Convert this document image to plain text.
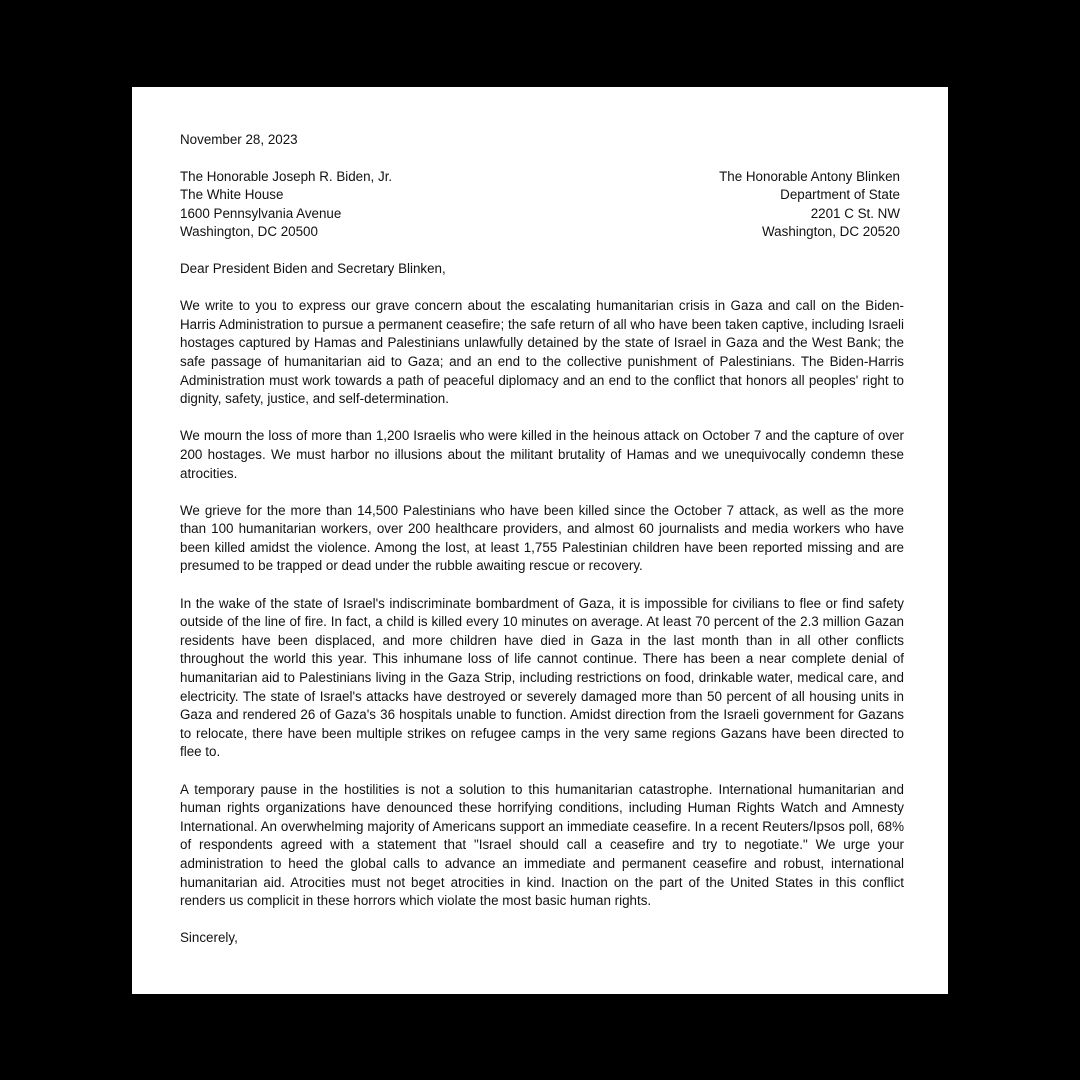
November 28, 2023
The Honorable Joseph R. Biden, Jr.
The White House
1600 Pennsylvania Avenue
Washington, DC 20500
The Honorable Antony Blinken
Department of State
2201 C St. NW
Washington, DC 20520
Dear President Biden and Secretary Blinken,

We write to you to express our grave concern about the escalating humanitarian crisis in Gaza and call on the Biden-Harris Administration to pursue a permanent ceasefire; the safe return of all who have been taken captive, including Israeli hostages captured by Hamas and Palestinians unlawfully detained by the state of Israel in Gaza and the West Bank; the safe passage of humanitarian aid to Gaza; and an end to the collective punishment of Palestinians. The Biden-Harris Administration must work towards a path of peaceful diplomacy and an end to the conflict that honors all peoples' right to dignity, safety, justice, and self-determination.

We mourn the loss of more than 1,200 Israelis who were killed in the heinous attack on October 7 and the capture of over 200 hostages. We must harbor no illusions about the militant brutality of Hamas and we unequivocally condemn these atrocities.

We grieve for the more than 14,500 Palestinians who have been killed since the October 7 attack, as well as the more than 100 humanitarian workers, over 200 healthcare providers, and almost 60 journalists and media workers who have been killed amidst the violence. Among the lost, at least 1,755 Palestinian children have been reported missing and are presumed to be trapped or dead under the rubble awaiting rescue or recovery.

In the wake of the state of Israel's indiscriminate bombardment of Gaza, it is impossible for civilians to flee or find safety outside of the line of fire. In fact, a child is killed every 10 minutes on average. At least 70 percent of the 2.3 million Gazan residents have been displaced, and more children have died in Gaza in the last month than in all other conflicts throughout the world this year. This inhumane loss of life cannot continue. There has been a near complete denial of humanitarian aid to Palestinians living in the Gaza Strip, including restrictions on food, drinkable water, medical care, and electricity. The state of Israel's attacks have destroyed or severely damaged more than 50 percent of all housing units in Gaza and rendered 26 of Gaza's 36 hospitals unable to function. Amidst direction from the Israeli government for Gazans to relocate, there have been multiple strikes on refugee camps in the very same regions Gazans have been directed to flee to.

A temporary pause in the hostilities is not a solution to this humanitarian catastrophe. International humanitarian and human rights organizations have denounced these horrifying conditions, including Human Rights Watch and Amnesty International. An overwhelming majority of Americans support an immediate ceasefire. In a recent Reuters/Ipsos poll, 68% of respondents agreed with a statement that "Israel should call a ceasefire and try to negotiate." We urge your administration to heed the global calls to advance an immediate and permanent ceasefire and robust, international humanitarian aid. Atrocities must not beget atrocities in kind. Inaction on the part of the United States in this conflict renders us complicit in these horrors which violate the most basic human rights.

Sincerely,
